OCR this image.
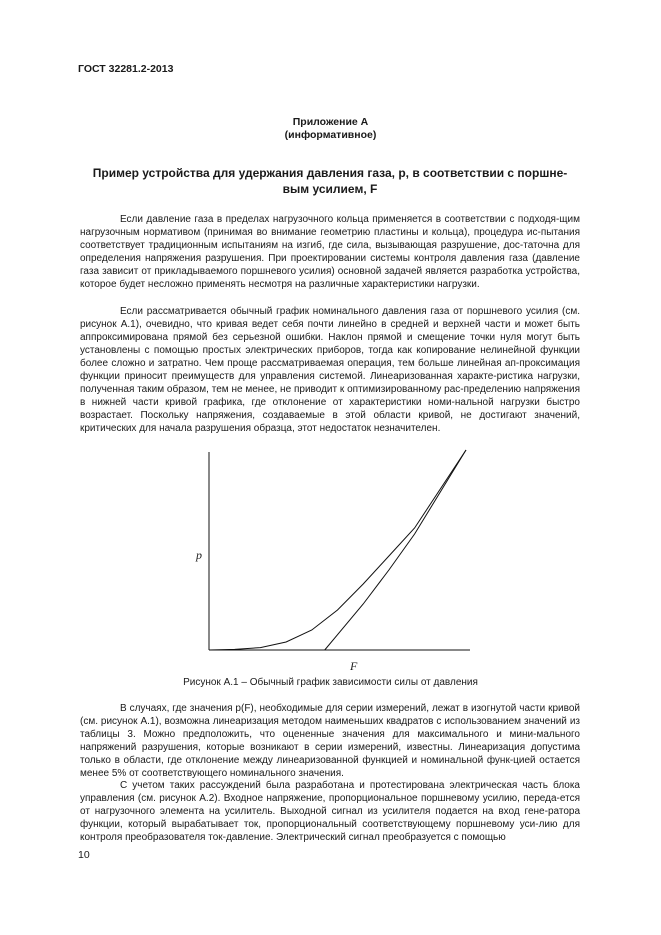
ГОСТ 32281.2-2013
Приложение А
(информативное)
Пример устройства для удержания давления газа, p, в соответствии с поршне-вым усилием, F

Если давление газа в пределах нагрузочного кольца применяется в соответствии с подходя-щим нагрузочным нормативом (принимая во внимание геометрию пластины и кольца), процедура ис-пытания соответствует традиционным испытаниям на изгиб, где сила, вызывающая разрушение, дос-таточна для определения напряжения разрушения. При проектировании системы контроля давления газа (давление газа зависит от прикладываемого поршневого усилия) основной задачей является разработка устройства, которое будет несложно применять несмотря на различные характеристики нагрузки.

Если рассматривается обычный график номинального давления газа от поршневого усилия (см. рисунок А.1), очевидно, что кривая ведет себя почти линейно в средней и верхней части и может быть аппроксимирована прямой без серьезной ошибки. Наклон прямой и смещение точки нуля могут быть установлены с помощью простых электрических приборов, тогда как копирование нелинейной функции более сложно и затратно. Чем проще рассматриваемая операция, тем больше линейная ап-проксимация функции приносит преимуществ для управления системой. Линеаризованная характе-ристика нагрузки, полученная таким образом, тем не менее, не приводит к оптимизированному рас-пределению напряжения в нижней части кривой графика, где отклонение от характеристики номи-нальной нагрузки быстро возрастает. Поскольку напряжения, создаваемые в этой области кривой, не достигают значений, критических для начала разрушения образца, этот недостаток незначителен.

p
F
Рисунок А.1 – Обычный график зависимости силы от давления

В случаях, где значения p(F), необходимые для серии измерений, лежат в изогнутой части кривой (см. рисунок А.1), возможна линеаризация методом наименьших квадратов с использованием значений из таблицы 3. Можно предположить, что оцененные значения для максимального и мини-мального напряжений разрушения, которые возникают в серии измерений, известны. Линеаризация допустима только в области, где отклонение между линеаризованной функцией и номинальной функ-цией остается менее 5% от соответствующего номинального значения.

С учетом таких рассуждений была разработана и протестирована электрическая часть блока управления (см. рисунок А.2). Входное напряжение, пропорциональное поршневому усилию, переда-ется от нагрузочного элемента на усилитель. Выходной сигнал из усилителя подается на вход гене-ратора функции, который вырабатывает ток, пропорциональный соответствующему поршневому уси-лию для контроля преобразователя ток-давление. Электрический сигнал преобразуется с помощью

10
